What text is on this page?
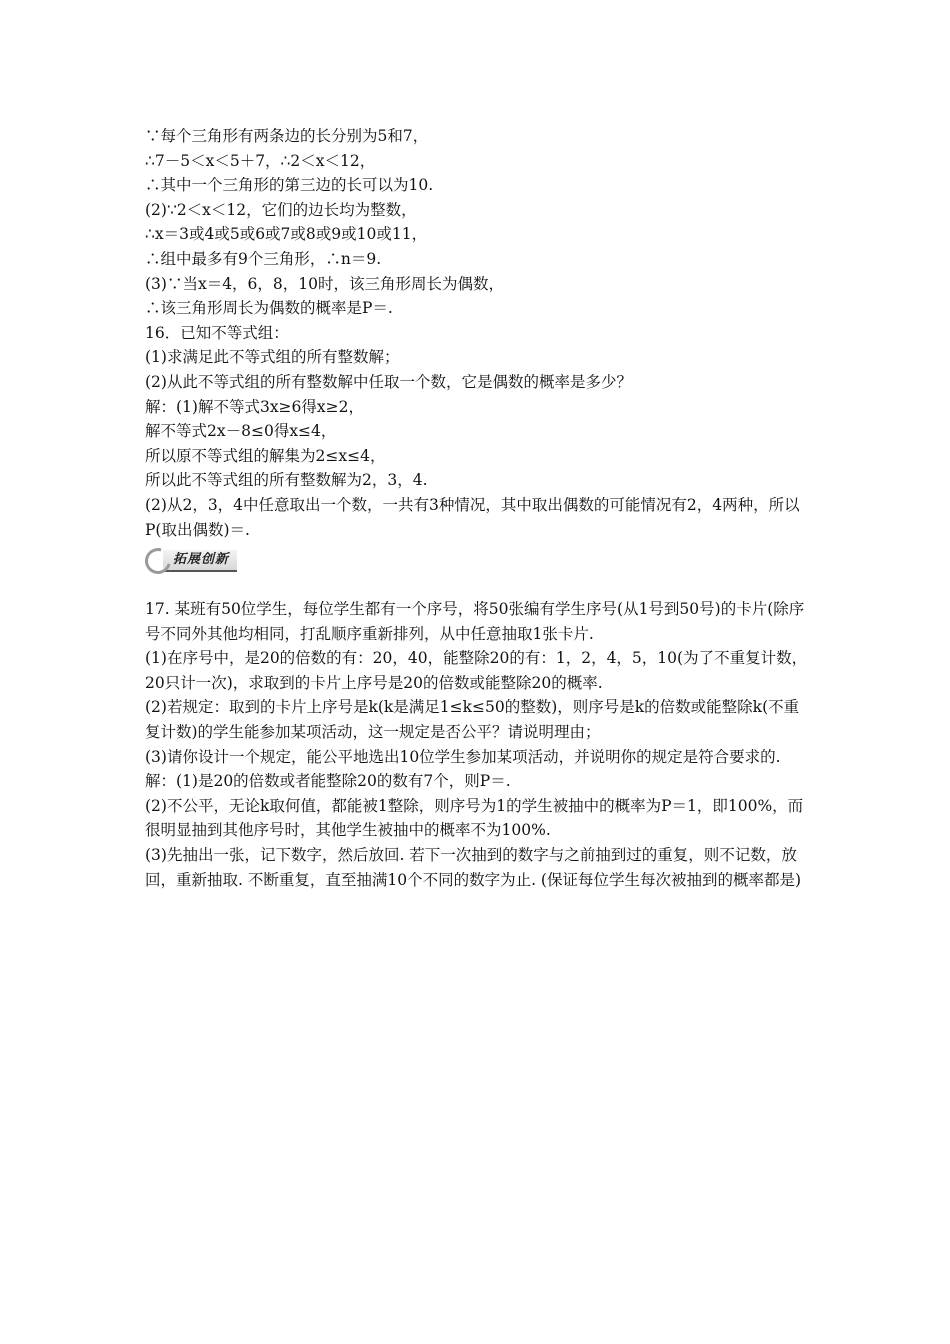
∵每个三角形有两条边的长分别为5和7，
∴7－5＜x＜5＋7，∴2＜x＜12，
∴其中一个三角形的第三边的长可以为10.
(2)∵2＜x＜12，它们的边长均为整数，
∴x＝3或4或5或6或7或8或9或10或11，
∴组中最多有9个三角形，∴n＝9.
(3)∵当x＝4，6，8，10时，该三角形周长为偶数，
∴该三角形周长为偶数的概率是P＝.
16．已知不等式组：
(1)求满足此不等式组的所有整数解；
(2)从此不等式组的所有整数解中任取一个数，它是偶数的概率是多少？
解：(1)解不等式3x≥6得x≥2，
解不等式2x－8≤0得x≤4，
所以原不等式组的解集为2≤x≤4，
所以此不等式组的所有整数解为2，3，4.
(2)从2，3，4中任意取出一个数，一共有3种情况，其中取出偶数的可能情况有2，4两种，所以P(取出偶数)＝.
拓展创新
17. 某班有50位学生，每位学生都有一个序号，将50张编有学生序号(从1号到50号)的卡片(除序号不同外其他均相同，打乱顺序重新排列，从中任意抽取1张卡片.
(1)在序号中，是20的倍数的有：20，40，能整除20的有：1，2，4，5，10(为了不重复计数，20只计一次)，求取到的卡片上序号是20的倍数或能整除20的概率.
(2)若规定：取到的卡片上序号是k(k是满足1≤k≤50的整数)，则序号是k的倍数或能整除k(不重复计数)的学生能参加某项活动，这一规定是否公平？请说明理由；
(3)请你设计一个规定，能公平地选出10位学生参加某项活动，并说明你的规定是符合要求的.
解：(1)是20的倍数或者能整除20的数有7个，则P＝.
(2)不公平，无论k取何值，都能被1整除，则序号为1的学生被抽中的概率为P＝1，即100%，而很明显抽到其他序号时，其他学生被抽中的概率不为100%.
(3)先抽出一张，记下数字，然后放回. 若下一次抽到的数字与之前抽到过的重复，则不记数，放回，重新抽取. 不断重复，直至抽满10个不同的数字为止. (保证每位学生每次被抽到的概率都是)
